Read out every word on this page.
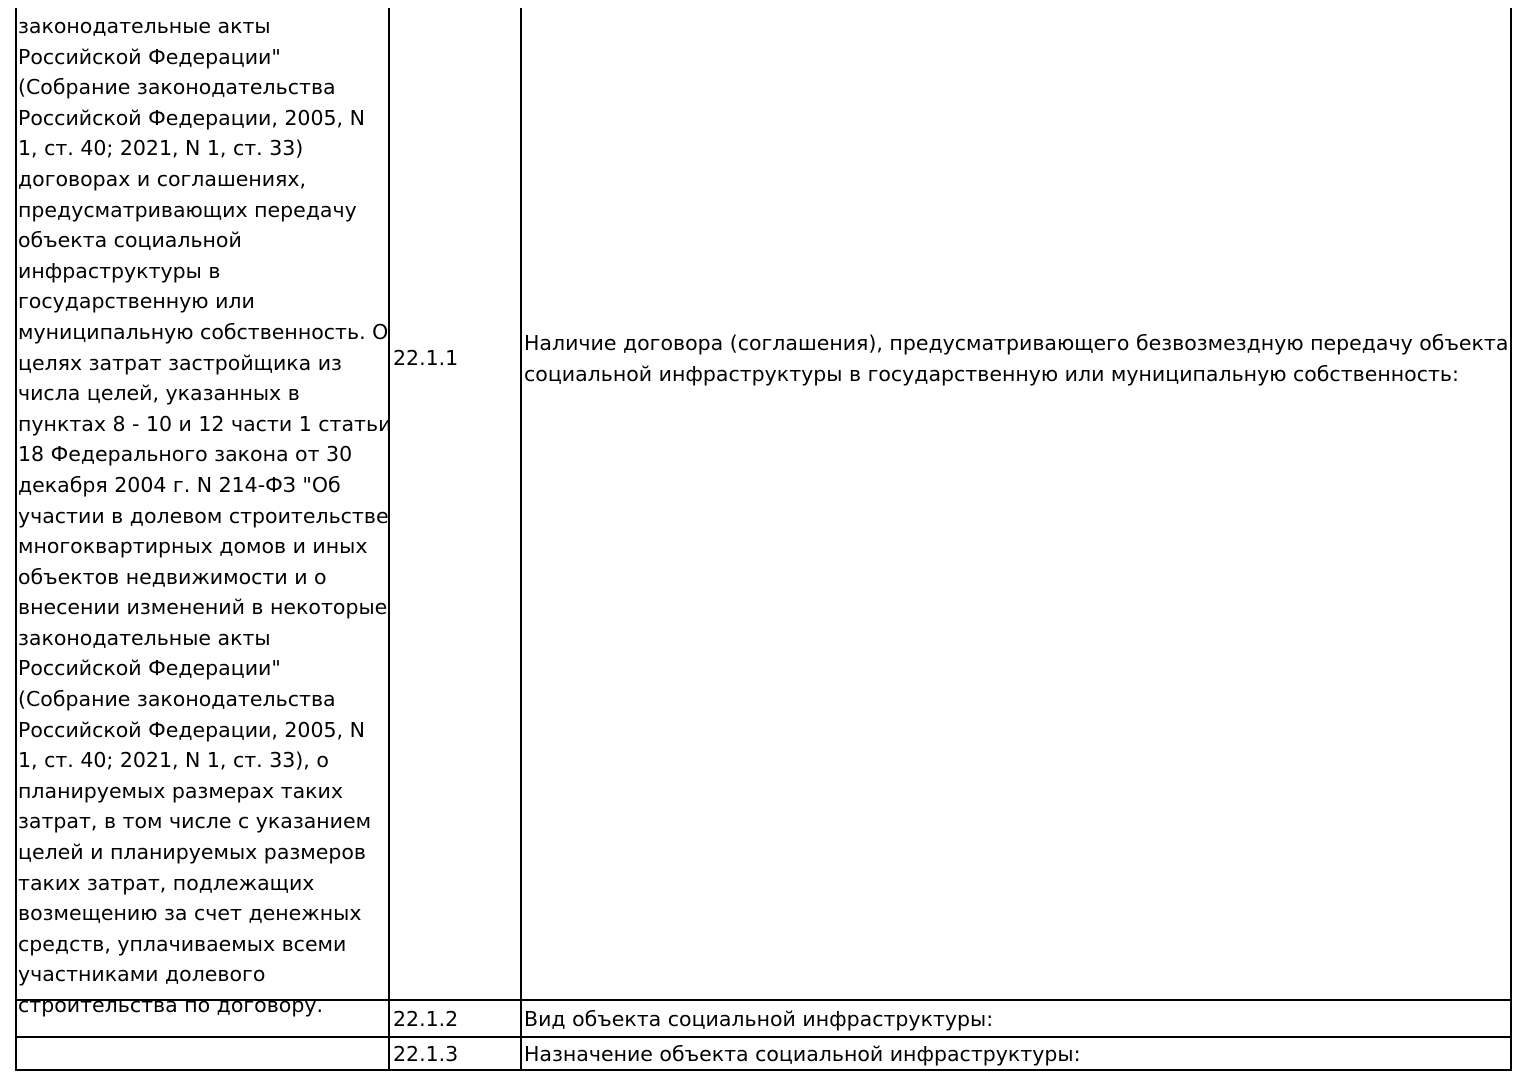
законодательные акты
Российской Федерации"
(Собрание законодательства
Российской Федерации, 2005, N
1, ст. 40; 2021, N 1, ст. 33)
договорах и соглашениях,
предусматривающих передачу
объекта социальной
инфраструктуры в
государственную или
муниципальную собственность. О
целях затрат застройщика из
числа целей, указанных в
пунктах 8 - 10 и 12 части 1 статьи
18 Федерального закона от 30
декабря 2004 г. N 214-ФЗ "Об
участии в долевом строительстве
многоквартирных домов и иных
объектов недвижимости и о
внесении изменений в некоторые
законодательные акты
Российской Федерации"
(Собрание законодательства
Российской Федерации, 2005, N
1, ст. 40; 2021, N 1, ст. 33), о
планируемых размерах таких
затрат, в том числе с указанием
целей и планируемых размеров
таких затрат, подлежащих
возмещению за счет денежных
средств, уплачиваемых всеми
участниками долевого
строительства по договору.
22.1.1
Наличие договора (соглашения), предусматривающего безвозмездную передачу объекта
социальной инфраструктуры в государственную или муниципальную собственность:
22.1.2	Вид объекта социальной инфраструктуры:
22.1.3	Назначение объекта социальной инфраструктуры:
